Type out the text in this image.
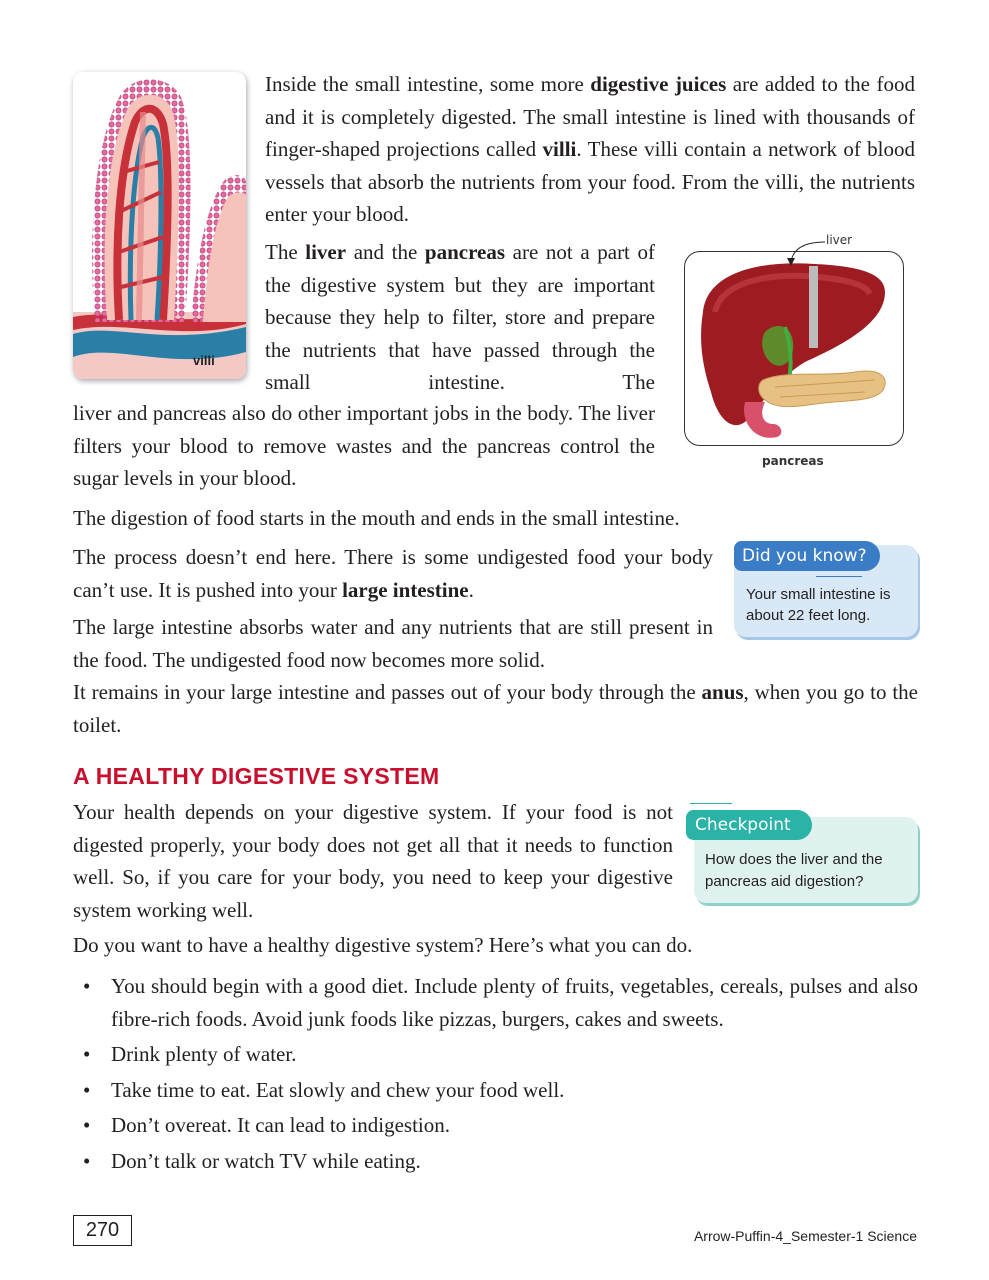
villi

Inside the small intestine, some more digestive juices are added to the food and it is completely digested. The small intestine is lined with thousands of finger-shaped projections called villi. These villi contain a network of blood vessels that absorb the nutrients from your food. From the villi, the nutrients enter your blood.

The liver and the pancreas are not a part of the digestive system but they are important because they help to filter, store and prepare the nutrients that have passed through the small intestine. The

liver and pancreas also do other important jobs in the body. The liver filters your blood to remove wastes and the pancreas control the sugar levels in your blood.

liver
pancreas

The digestion of food starts in the mouth and ends in the small intestine.

The process doesn’t end here. There is some undigested food your body can’t use. It is pushed into your large intestine.

The large intestine absorbs water and any nutrients that are still present in the food. The undigested food now becomes more solid.

It remains in your large intestine and passes out of your body through the anus, when you go to the toilet.

Did you know?
Your small intestine is about 22 feet long.
A HEALTHY DIGESTIVE SYSTEM

Your health depends on your digestive system. If your food is not digested properly, your body does not get all that it needs to function well. So, if you care for your body, you need to keep your digestive system working well.

Checkpoint
How does the liver and the pancreas aid digestion?

Do you want to have a healthy digestive system? Here’s what you can do.

• You should begin with a good diet. Include plenty of fruits, vegetables, cereals, pulses and also fibre-rich foods. Avoid junk foods like pizzas, burgers, cakes and sweets.
• Drink plenty of water.
• Take time to eat. Eat slowly and chew your food well.
• Don’t overeat. It can lead to indigestion.
• Don’t talk or watch TV while eating.
270	Arrow-Puffin-4_Semester-1 Science
